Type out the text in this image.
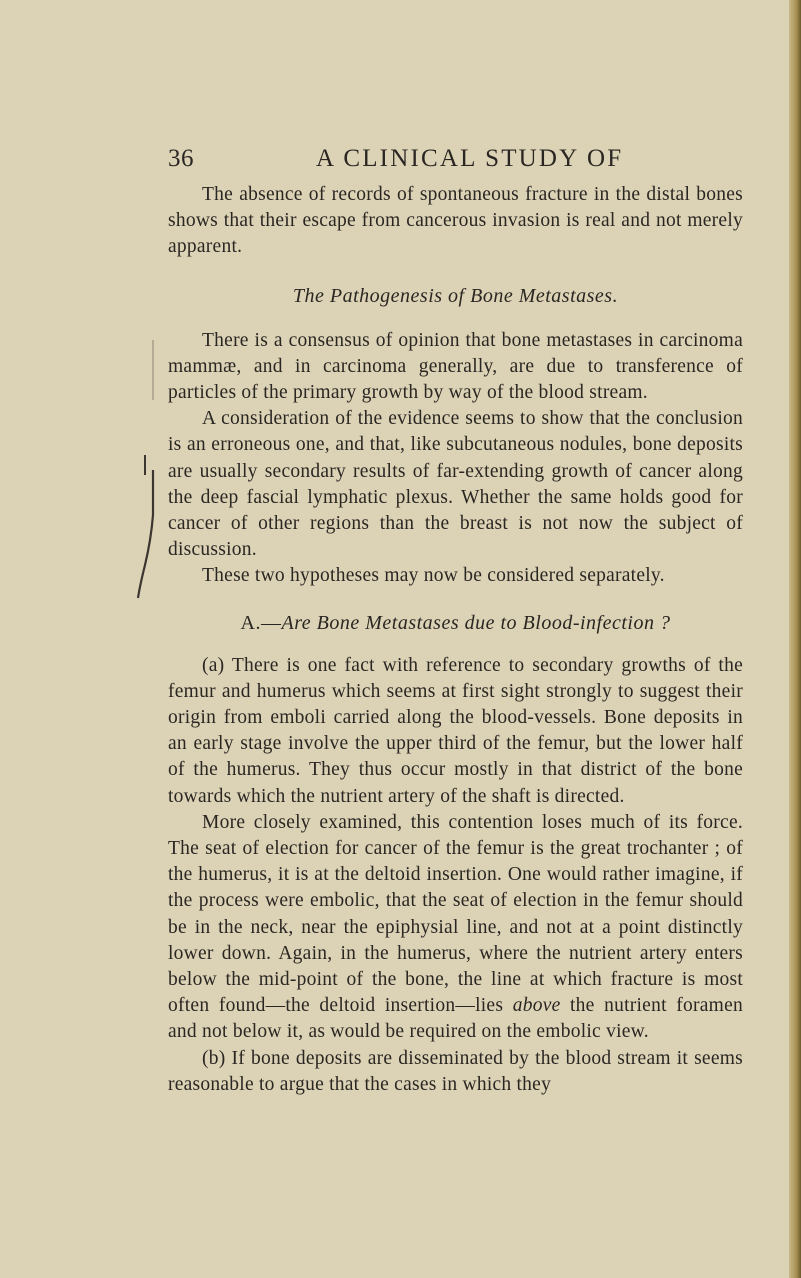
36	A CLINICAL STUDY OF

The absence of records of spontaneous fracture in the distal bones shows that their escape from cancerous invasion is real and not merely apparent.

The Pathogenesis of Bone Metastases.

There is a consensus of opinion that bone metastases in carcinoma mammæ, and in carcinoma generally, are due to transference of particles of the primary growth by way of the blood stream.

A consideration of the evidence seems to show that the conclusion is an erroneous one, and that, like subcutaneous nodules, bone deposits are usually secondary results of far-extending growth of cancer along the deep fascial lymphatic plexus. Whether the same holds good for cancer of other regions than the breast is not now the subject of discussion.

These two hypotheses may now be considered separately.

A.—Are Bone Metastases due to Blood-infection ?

(a) There is one fact with reference to secondary growths of the femur and humerus which seems at first sight strongly to suggest their origin from emboli carried along the blood-vessels. Bone deposits in an early stage involve the upper third of the femur, but the lower half of the humerus. They thus occur mostly in that district of the bone towards which the nutrient artery of the shaft is directed.

More closely examined, this contention loses much of its force. The seat of election for cancer of the femur is the great trochanter ; of the humerus, it is at the deltoid insertion. One would rather imagine, if the process were embolic, that the seat of election in the femur should be in the neck, near the epiphysial line, and not at a point distinctly lower down. Again, in the humerus, where the nutrient artery enters below the mid-point of the bone, the line at which fracture is most often found—the deltoid insertion—lies above the nutrient foramen and not below it, as would be required on the embolic view.

(b) If bone deposits are disseminated by the blood stream it seems reasonable to argue that the cases in which they
